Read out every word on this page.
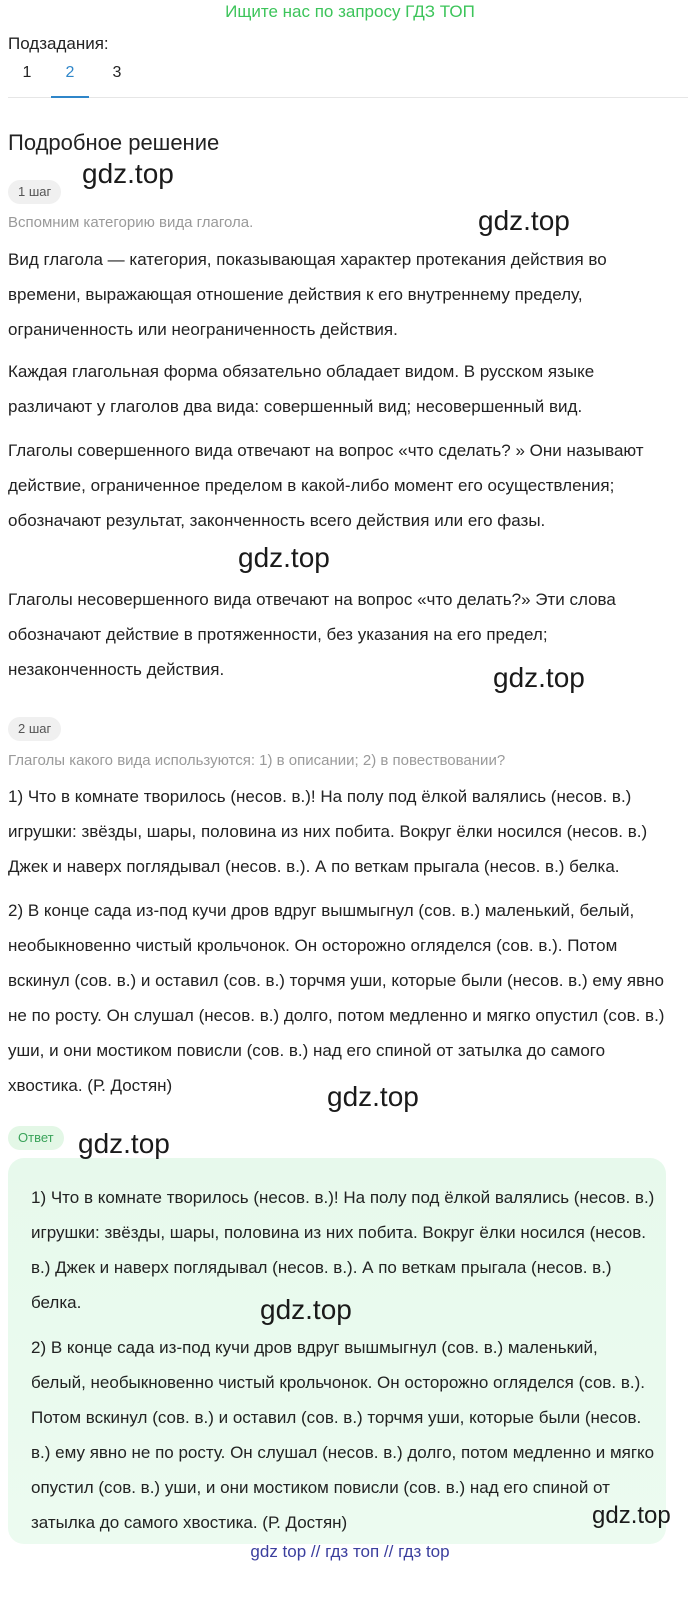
Ищите нас по запросу ГДЗ ТОП
Подзадания:
1	2	3
Подробное решение
1 шаг
Вспомним категорию вида глагола.
Вид глагола — категория, показывающая характер протекания действия во времени, выражающая отношение действия к его внутреннему пределу, ограниченность или неограниченность действия.
Каждая глагольная форма обязательно обладает видом. В русском языке различают у глаголов два вида: совершенный вид; несовершенный вид.
Глаголы совершенного вида отвечают на вопрос «что сделать? » Они называют действие, ограниченное пределом в какой-либо момент его осуществления; обозначают результат, законченность всего действия или его фазы.
Глаголы несовершенного вида отвечают на вопрос «что делать?» Эти слова обозначают действие в протяженности, без указания на его предел; незаконченность действия.
2 шаг
Глаголы какого вида используются: 1) в описании; 2) в повествовании?
1) Что в комнате творилось (несов. в.)! На полу под ёлкой валялись (несов. в.) игрушки: звёзды, шары, половина из них побита. Вокруг ёлки носился (несов. в.) Джек и наверх поглядывал (несов. в.). А по веткам прыгала (несов. в.) белка.
2) В конце сада из-под кучи дров вдруг вышмыгнул (сов. в.) маленький, белый, необыкновенно чистый крольчонок. Он осторожно огляделся (сов. в.). Потом вскинул (сов. в.) и оставил (сов. в.) торчмя уши, которые были (несов. в.) ему явно не по росту. Он слушал (несов. в.) долго, потом медленно и мягко опустил (сов. в.) уши, и они мостиком повисли (сов. в.) над его спиной от затылка до самого хвостика. (Р. Достян)
Ответ
1) Что в комнате творилось (несов. в.)! На полу под ёлкой валялись (несов. в.) игрушки: звёзды, шары, половина из них побита. Вокруг ёлки носился (несов. в.) Джек и наверх поглядывал (несов. в.). А по веткам прыгала (несов. в.) белка.
2) В конце сада из-под кучи дров вдруг вышмыгнул (сов. в.) маленький, белый, необыкновенно чистый крольчонок. Он осторожно огляделся (сов. в.). Потом вскинул (сов. в.) и оставил (сов. в.) торчмя уши, которые были (несов. в.) ему явно не по росту. Он слушал (несов. в.) долго, потом медленно и мягко опустил (сов. в.) уши, и они мостиком повисли (сов. в.) над его спиной от затылка до самого хвостика. (Р. Достян)
gdz.top
gdz.top
gdz.top
gdz.top
gdz.top
gdz.top
gdz.top
gdz.top
gdz top // гдз топ // гдз top
